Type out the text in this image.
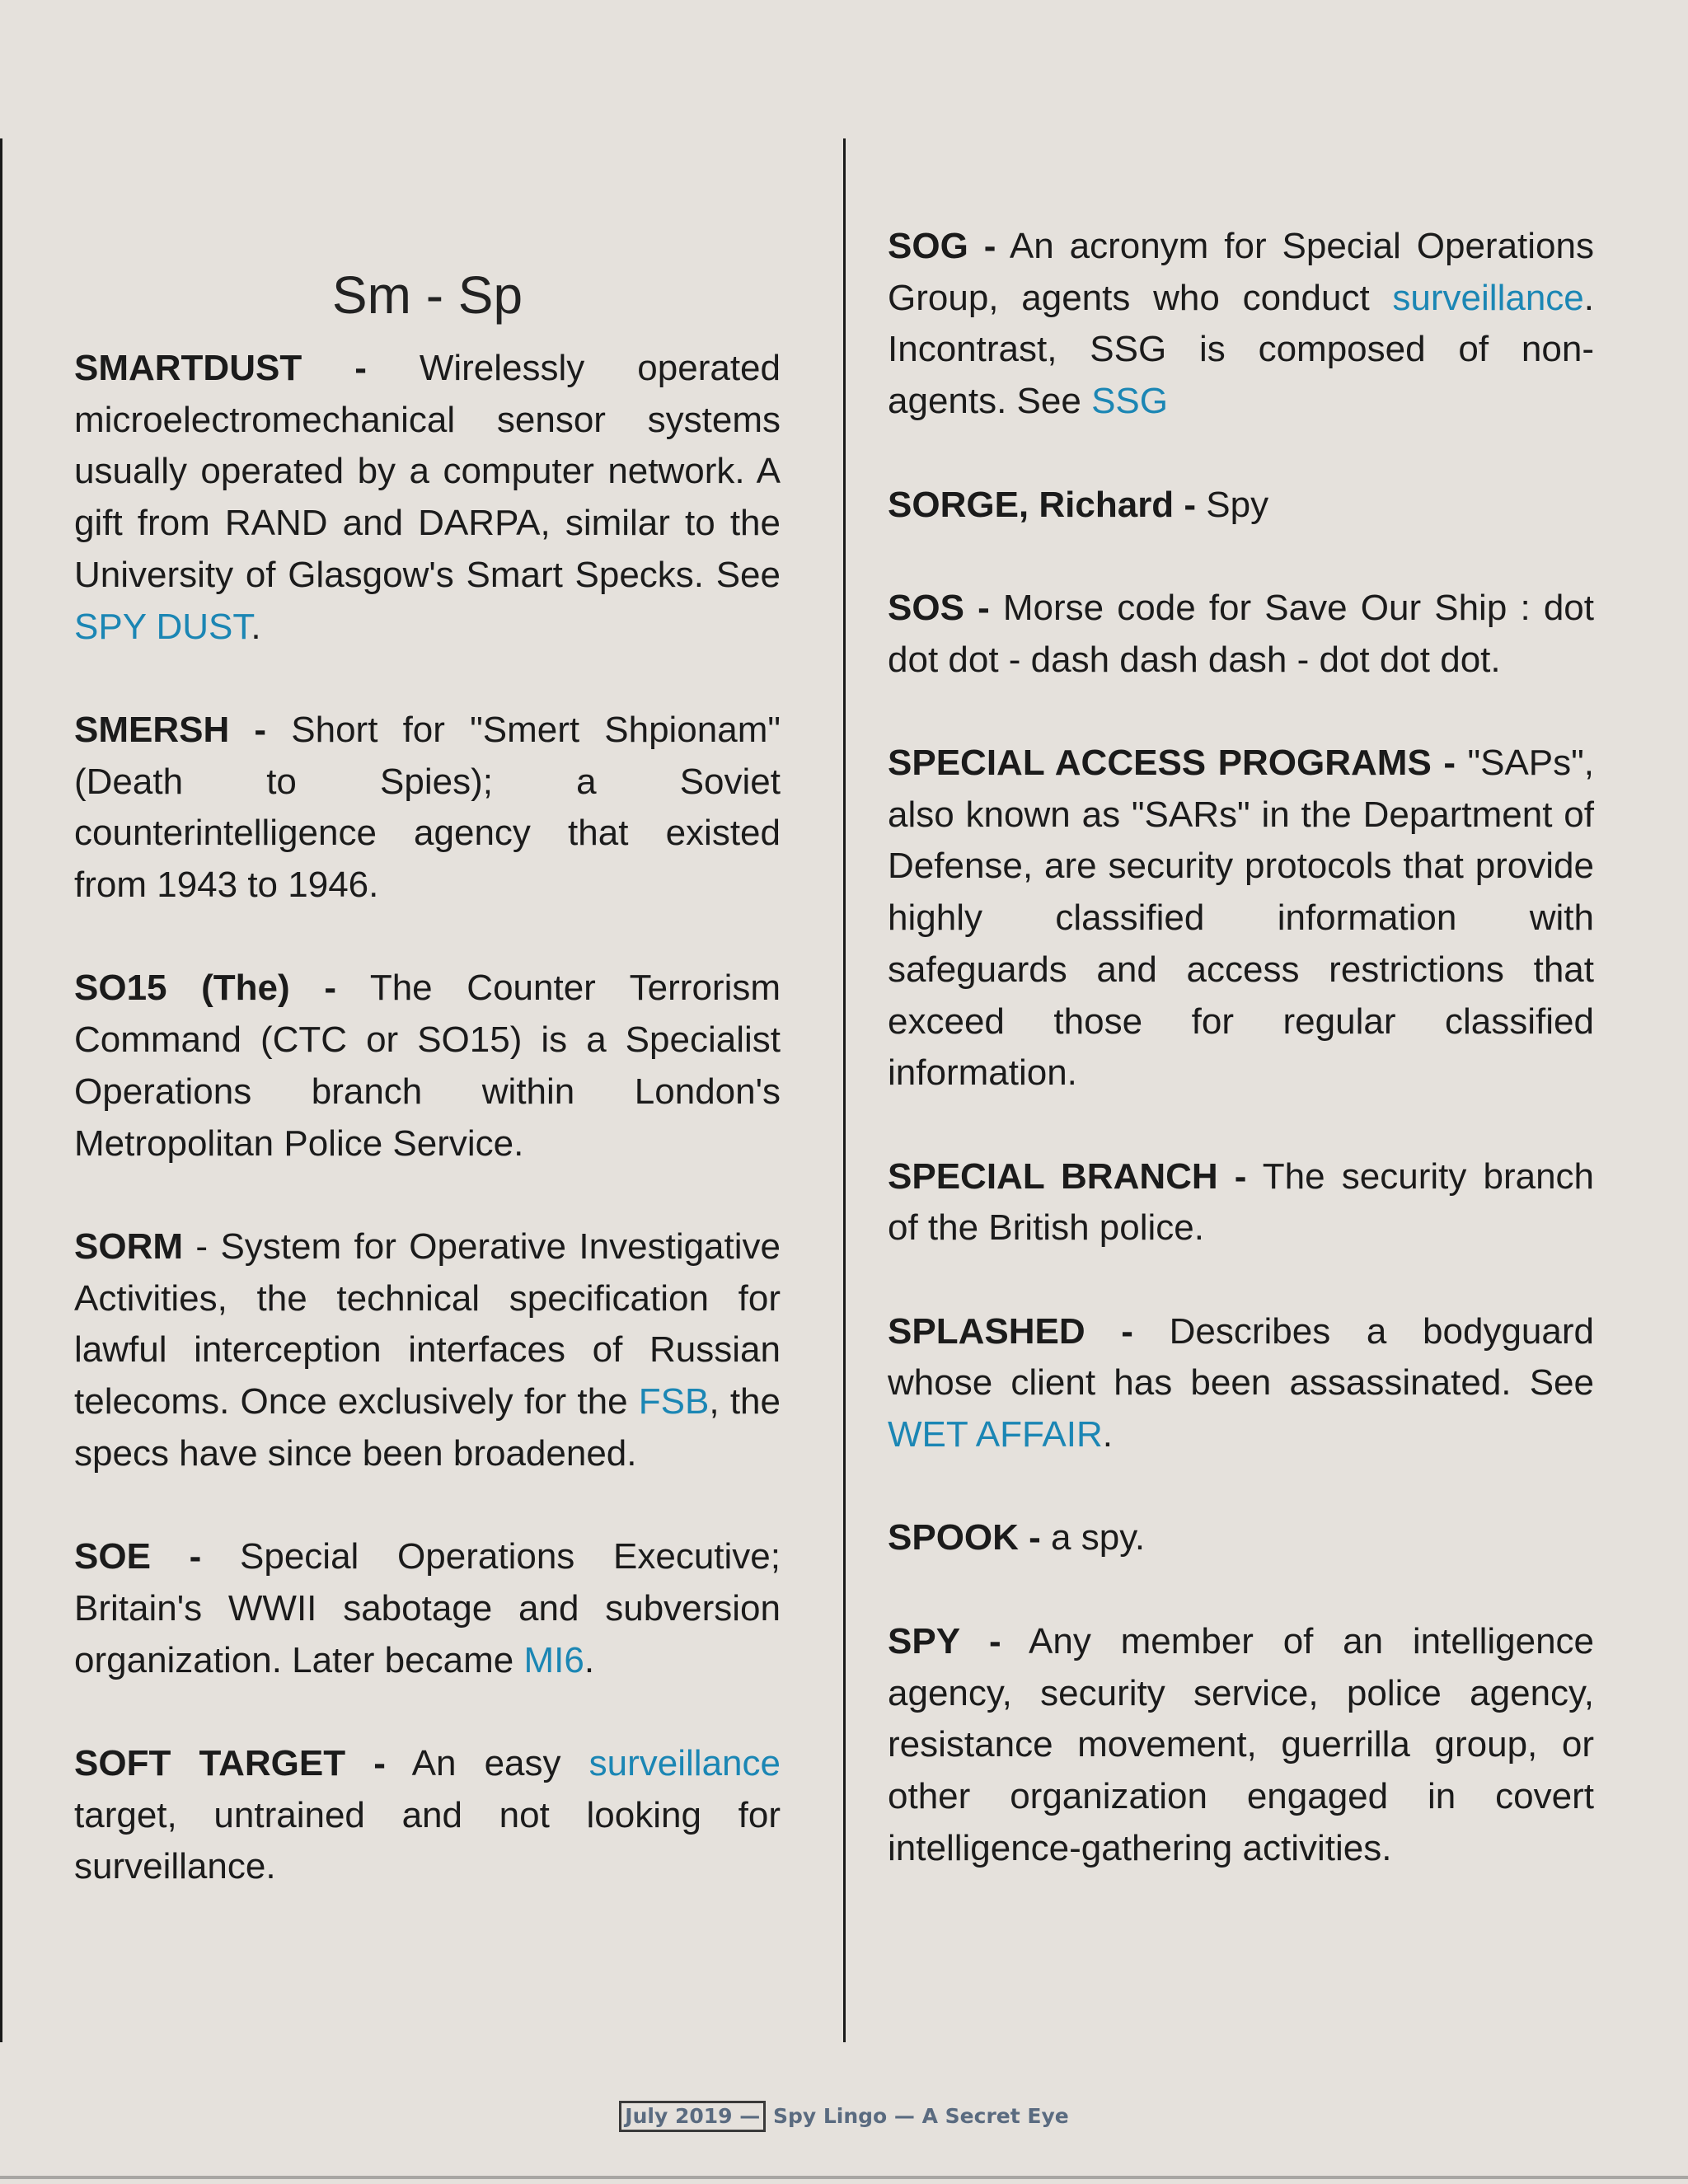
Sm - Sp

SMARTDUST - Wirelessly operated microelectromechanical sensor systems usually operated by a computer network. A gift from RAND and DARPA, similar to the University of Glasgow's Smart Specks. See SPY DUST.

SMERSH - Short for "Smert Shpionam" (Death to Spies); a Soviet counterintelligence agency that existed from 1943 to 1946.

SO15 (The) - The Counter Terrorism Command (CTC or SO15) is a Specialist Operations branch within London's Metropolitan Police Service.

SORM - System for Operative Investigative Activities, the technical specification for lawful interception interfaces of Russian telecoms. Once exclusively for the FSB, the specs have since been broadened.

SOE - Special Operations Executive; Britain's WWII sabotage and subversion organization. Later became MI6.

SOFT TARGET - An easy surveillance target, untrained and not looking for surveillance.

SOG - An acronym for Special Operations Group, agents who conduct surveillance. Incontrast, SSG is composed of non-agents. See SSG

SORGE, Richard - Spy

SOS - Morse code for Save Our Ship : dot dot dot - dash dash dash - dot dot dot.

SPECIAL ACCESS PROGRAMS - "SAPs", also known as "SARs" in the Department of Defense, are security protocols that provide highly classified information with safeguards and access restrictions that exceed those for regular classified information.

SPECIAL BRANCH - The security branch of the British police.

SPLASHED - Describes a bodyguard whose client has been assassinated. See WET AFFAIR.

SPOOK - a spy.

SPY - Any member of an intelligence agency, security service, police agency, resistance movement, guerrilla group, or other organization engaged in covert intelligence-gathering activities.

July 2019 — Spy Lingo — A Secret Eye
